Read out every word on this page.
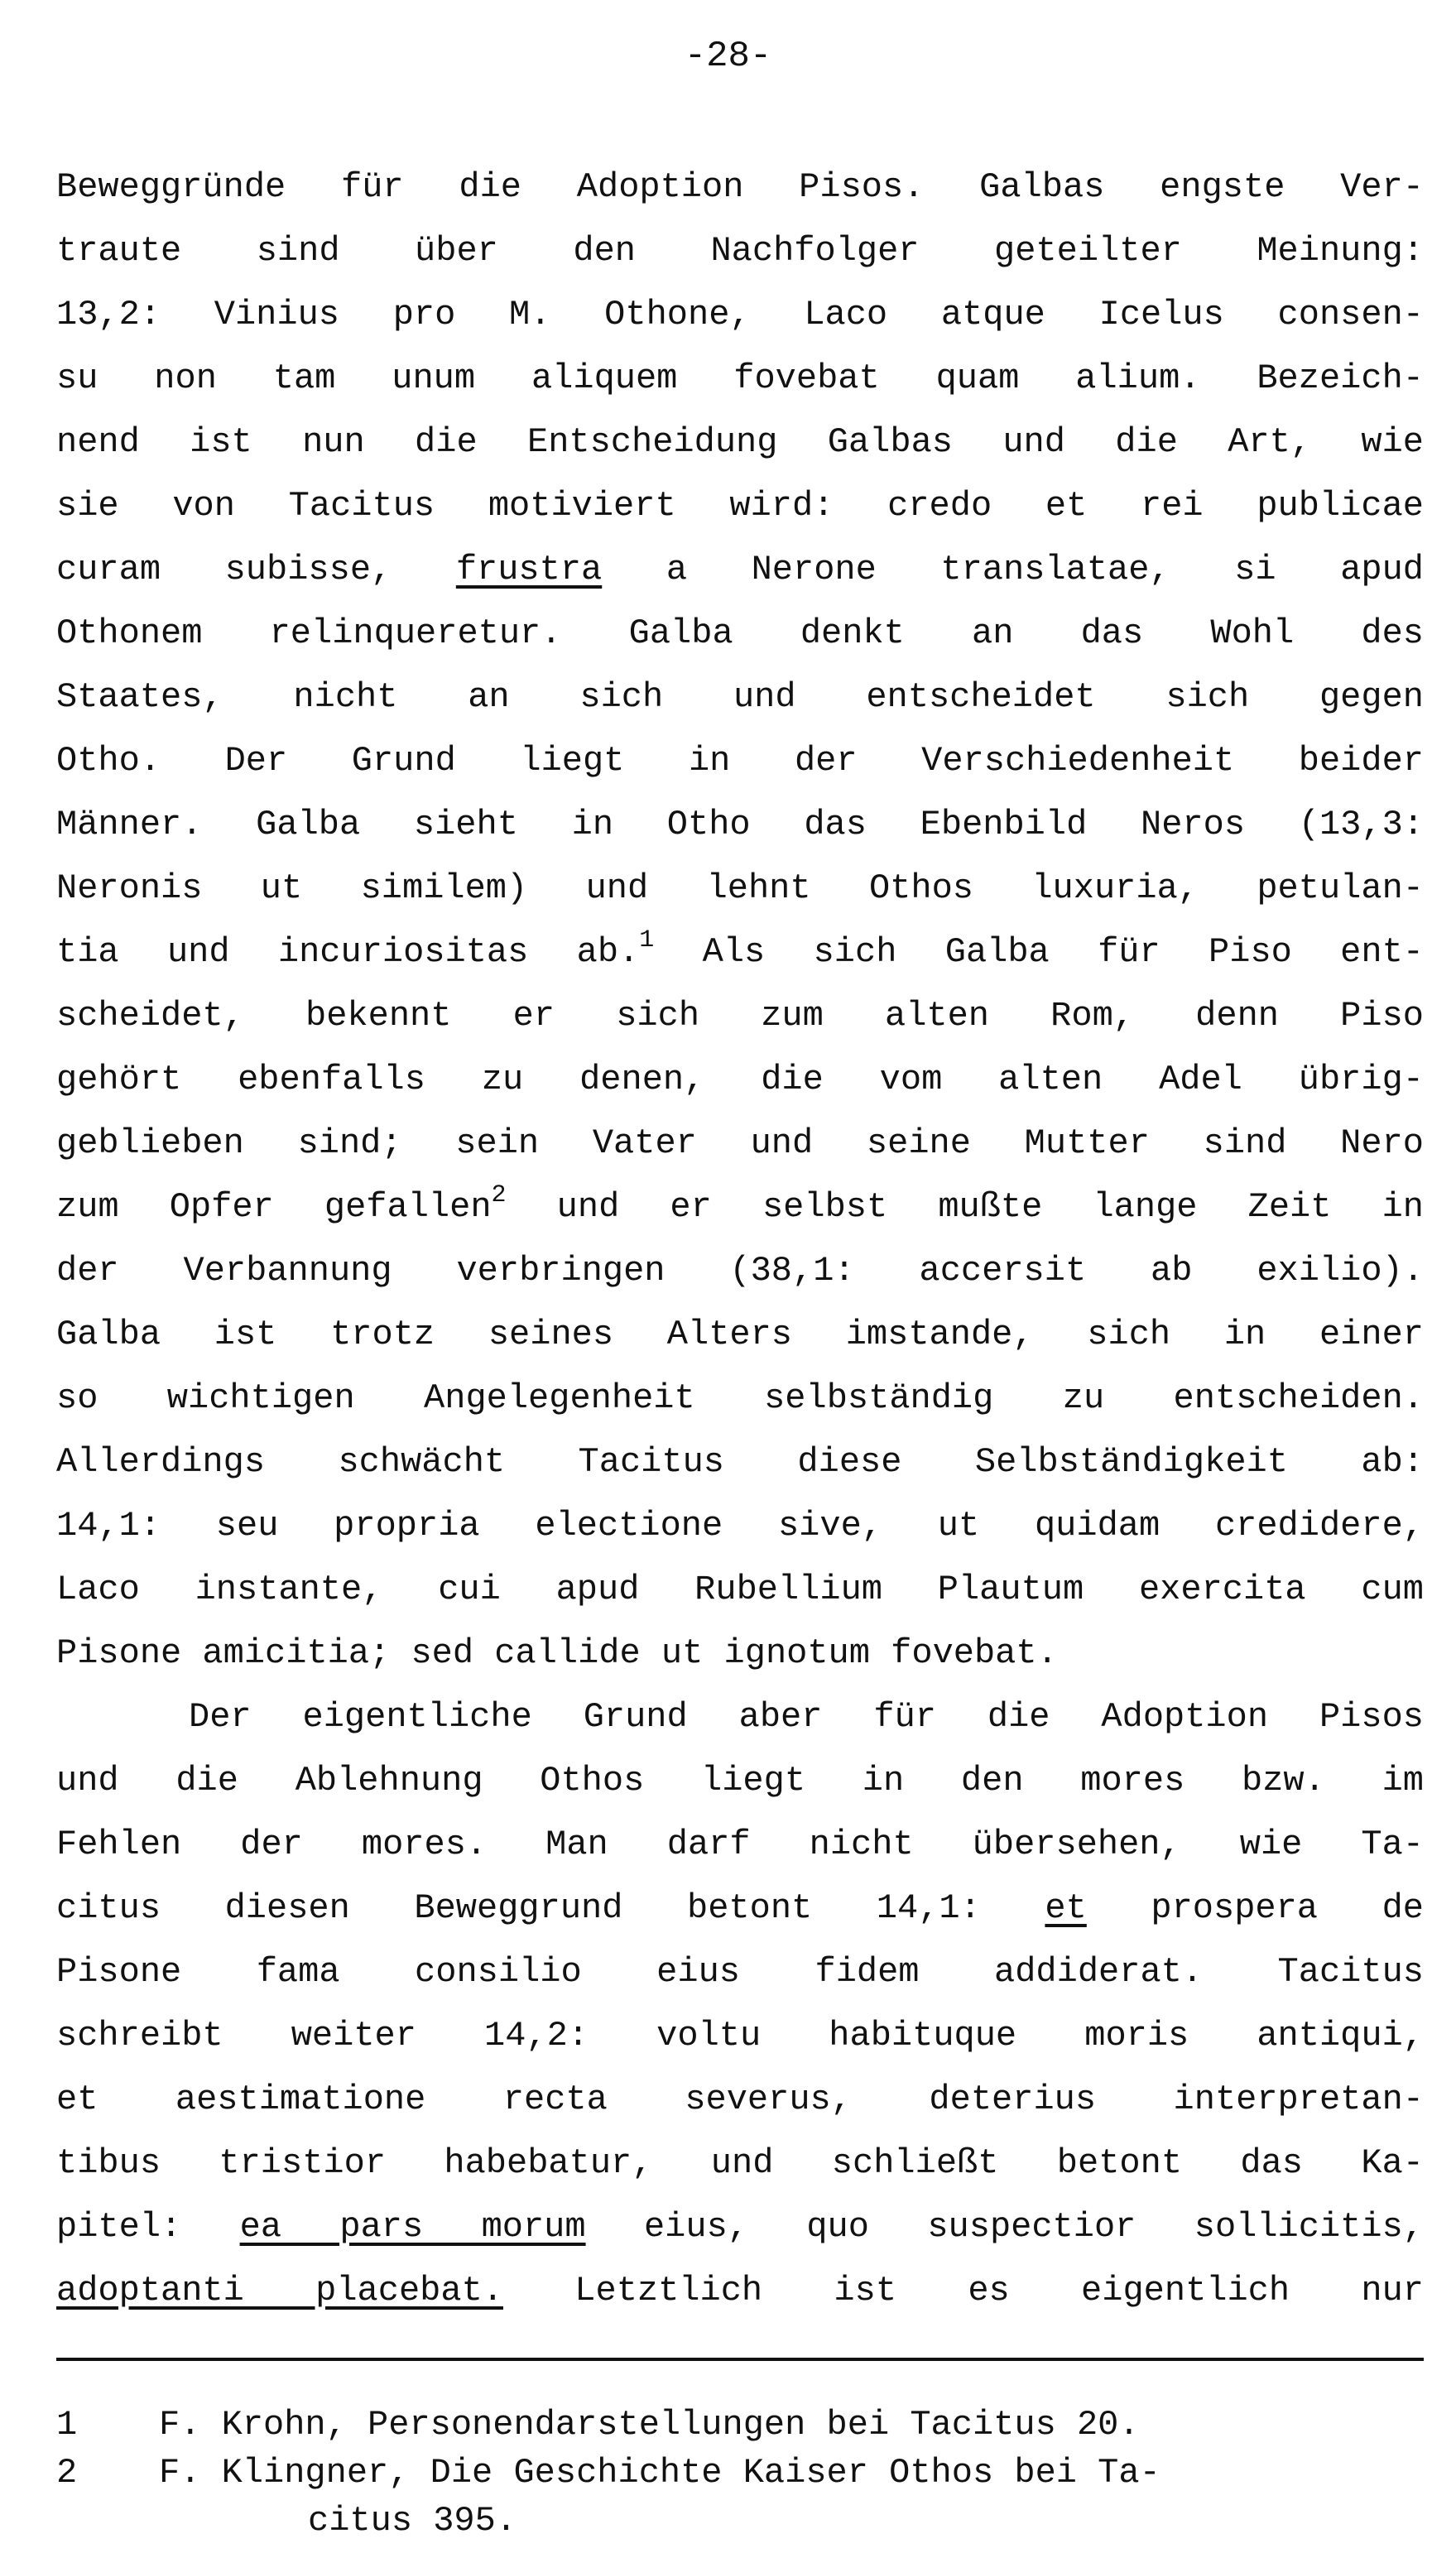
-28-
Beweggründe für die Adoption Pisos. Galbas engste Ver-
traute sind über den Nachfolger geteilter Meinung:
13,2: Vinius pro M. Othone, Laco atque Icelus consen-
su non tam unum aliquem fovebat quam alium. Bezeich-
nend ist nun die Entscheidung Galbas und die Art, wie
sie von Tacitus motiviert wird: credo et rei publicae
curam subisse, frustra a Nerone translatae, si apud
Othonem relinqueretur. Galba denkt an das Wohl des
Staates, nicht an sich und entscheidet sich gegen
Otho. Der Grund liegt in der Verschiedenheit beider
Männer. Galba sieht in Otho das Ebenbild Neros (13,3:
Neronis ut similem) und lehnt Othos luxuria, petulan-
tia und incuriositas ab.$^1$ Als sich Galba für Piso ent-
scheidet, bekennt er sich zum alten Rom, denn Piso
gehört ebenfalls zu denen, die vom alten Adel übrig-
geblieben sind; sein Vater und seine Mutter sind Nero
zum Opfer gefallen$^2$ und er selbst mußte lange Zeit in
der Verbannung verbringen (38,1: accersit ab exilio).
Galba ist trotz seines Alters imstande, sich in einer
so wichtigen Angelegenheit selbständig zu entscheiden.
Allerdings schwächt Tacitus diese Selbständigkeit ab:
14,1: seu propria electione sive, ut quidam credidere,
Laco instante, cui apud Rubellium Plautum exercita cum
Pisone amicitia; sed callide ut ignotum fovebat.
Der eigentliche Grund aber für die Adoption Pisos
und die Ablehnung Othos liegt in den mores bzw. im
Fehlen der mores. Man darf nicht übersehen, wie Ta-
citus diesen Beweggrund betont 14,1: et prospera de
Pisone fama consilio eius fidem addiderat. Tacitus
schreibt weiter 14,2: voltu habituque moris antiqui,
et aestimatione recta severus, deterius interpretan-
tibus tristior habebatur, und schließt betont das Ka-
pitel: ea pars morum eius, quo suspectior sollicitis,
adoptanti placebat. Letztlich ist es eigentlich nur
1 F. Krohn, Personendarstellungen bei Tacitus 20.
2 F. Klingner, Die Geschichte Kaiser Othos bei Ta-
citus 395.
